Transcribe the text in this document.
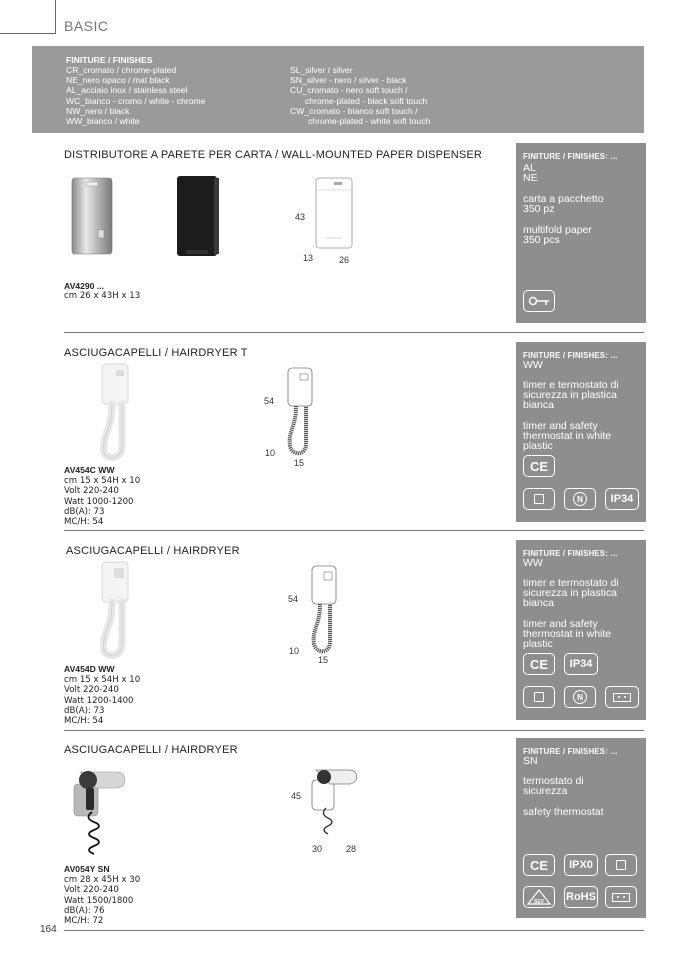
BASIC
FINITURE / FINISHES
CR_cromato / chrome-plated
NE_nero opaco / mat black
AL_acciaio inox / stainless steel
WC_bianco - cromo / white - chrome
NW_nero / black
WW_bianco / white
SL_silver / silver
SN_silver - nero / silver - black
CU_cromato - nero soft touch /
chrome-plated - black soft touch
CW_cromato - bianco soft touch /
chrome-plated - white soft touch
DISTRIBUTORE A PARETE PER CARTA / WALL-MOUNTED PAPER DISPENSER
43
13	26
AV4290 ...
cm 26 x 43H x 13
FINITURE / FINISHES: ...
AL
NE
carta a pacchetto
350 pz
multifold paper
350 pcs
ASCIUGACAPELLI / HAIRDRYER T
54
10
15
AV454C WW
cm 15 x 54H x 10
Volt 220-240
Watt 1000-1200
dB(A): 73
MC/H: 54
FINITURE / FINISHES: ...
WW
timer e termostato di
sicurezza in plastica
bianca
timer and safety
thermostat in white
plastic
CE
N	IP34
ASCIUGACAPELLI / HAIRDRYER
54
10
15
AV454D WW
cm 15 x 54H x 10
Volt 220-240
Watt 1200-1400
dB(A): 73
MC/H: 54
FINITURE / FINISHES: ...
WW
timer e termostato di
sicurezza in plastica
bianca
timer and safety
thermostat in white
plastic
CE	IP34
N
ASCIUGACAPELLI / HAIRDRYER
45
30	28
AV054Y SN
cm 28 x 45H x 30
Volt 220-240
Watt 1500/1800
dB(A): 76
MC/H: 72
FINITURE / FINISHES: ...
SN
termostato di
sicurezza
safety thermostat
CE	IPX0
SEV RoHS
164
